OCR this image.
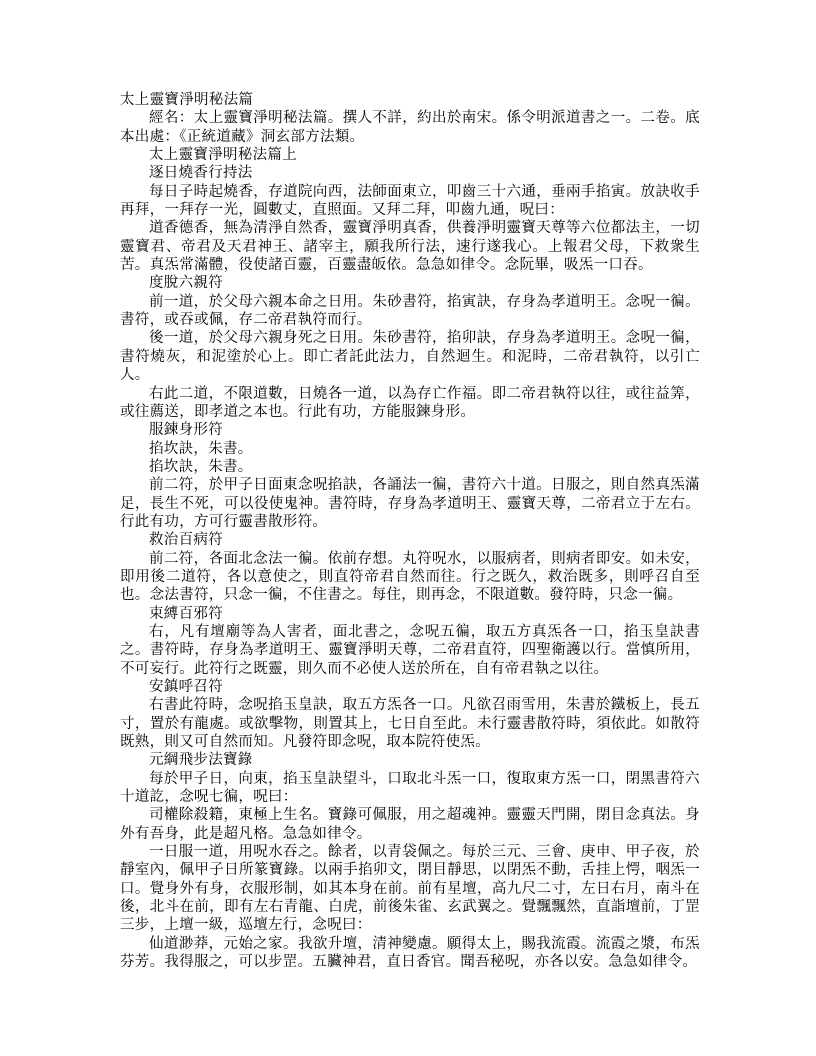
太上靈寶淨明秘法篇

經名：太上靈寶淨明秘法篇。撰人不詳，約出於南宋。係令明派道書之一。二卷。底本出處：《正統道藏》洞玄部方法類。

太上靈寶淨明秘法篇上

逐日燒香行持法

每日子時起燒香，存道院向西，法師面東立，叩齒三十六通，垂兩手掐寅。放訣收手再拜，一拜存一光，圓數丈，直照面。又拜二拜，叩齒九通，呪曰：

道香德香，無為清淨自然香，靈寶淨明真香，供養淨明靈寶天尊等六位都法主，一切靈寶君、帝君及天君神王、諸宰主，願我所行法，速行遂我心。上報君父母，下救衆生苦。真炁常滿體，役使諸百靈，百靈盡皈依。急急如律令。念阮畢，吸炁一口吞。

度脫六親符

前一道，於父母六親本命之日用。朱砂書符，掐寅訣，存身為孝道明王。念呪一徧。書符，或吞或佩，存二帝君執符而行。

後一道，於父母六親身死之日用。朱砂書符，掐卯訣，存身為孝道明王。念呪一徧，書符燒灰，和泥塗於心上。即亡者託此法力，自然迴生。和泥時，二帝君執符，以引亡人。

右此二道，不限道數，日燒各一道，以為存亡作福。即二帝君執符以往，或往益筭，或往薦送，即孝道之本也。行此有功，方能服鍊身形。

服鍊身形符

掐坎訣，朱書。

掐坎訣，朱書。

前二符，於甲子日面東念呪掐訣，各誦法一徧，書符六十道。日服之，則自然真炁滿足，長生不死，可以役使鬼神。書符時，存身為孝道明王、靈寶天尊，二帝君立于左右。行此有功，方可行靈書散形符。

救治百病符

前二符，各面北念法一徧。依前存想。丸符呪水，以服病者，則病者即安。如未安，即用後二道符，各以意使之，則直符帝君自然而往。行之既久，救治既多，則呼召自至也。念法書符，只念一徧，不住書之。每住，則再念，不限道數。發符時，只念一徧。

束縛百邪符

右，凡有壇廟等為人害者，面北書之，念呪五徧，取五方真炁各一口，掐玉皇訣書之。書符時，存身為孝道明王、靈寶淨明天尊，二帝君直符，四聖衛護以行。當慎所用，不可妄行。此符行之既靈，則久而不必使人送於所在，自有帝君執之以往。

安鎮呼召符

右書此符時，念呪掐玉皇訣，取五方炁各一口。凡欲召雨雪用，朱書於鐵板上，長五寸，置於有龍處。或欲擊物，則置其上，七日自至此。未行靈書散符時，須依此。如散符既熟，則又可自然而知。凡發符即念呪，取本院符使炁。

元綱飛步法寶錄

每於甲子日，向東，掐玉皇訣望斗，口取北斗炁一口，復取東方炁一口，閉黑書符六十道訖，念呪七徧，呪曰：

司權除殺籍，東極上生名。寶錄可佩服，用之超魂神。靈靈天門開，閉目念真法。身外有吾身，此是超凡格。急急如律令。

一日服一道，用呪水吞之。餘者，以青袋佩之。每於三元、三會、庚申、甲子夜，於靜室內，佩甲子日所篆寶錄。以兩手掐卯文，閉目靜思，以閉炁不動，舌挂上愕，咽炁一口。覺身外有身，衣服形制，如其本身在前。前有星壇，高九尺二寸，左日右月，南斗在後，北斗在前，即有左右青龍、白虎，前後朱雀、玄武翼之。覺飄飄然，直詣壇前，丁罡三步，上壇一級，巡壇左行，念呪曰：

仙道渺莽，元始之家。我欲升壇，清神變慮。願得太上，賜我流霞。流霞之漿，布炁芬芳。我得服之，可以步罡。五臟神君，直日香官。聞吾秘呪，亦各以安。急急如律令。
